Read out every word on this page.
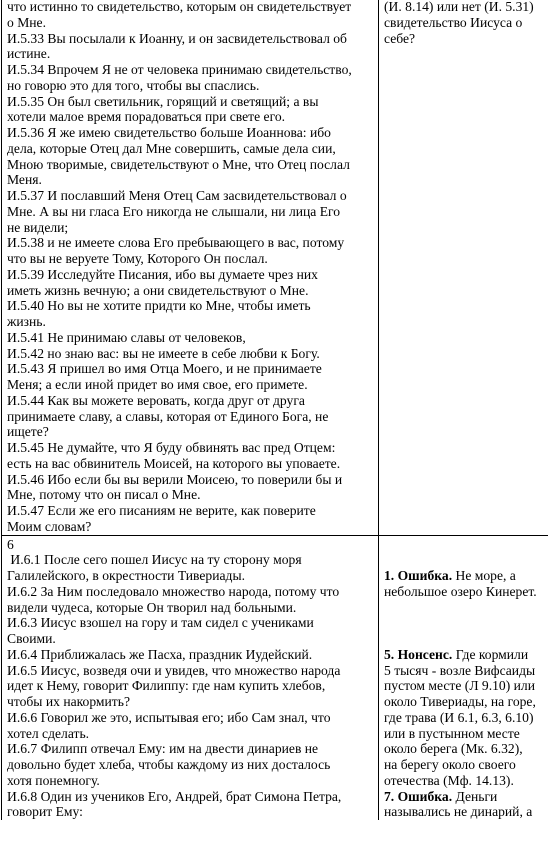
что истинно то свидетельство, которым он свидетельствует
о Мне.
И.5.33 Вы посылали к Иоанну, и он засвидетельствовал об
истине.
И.5.34 Впрочем Я не от человека принимаю свидетельство,
но говорю это для того, чтобы вы спаслись.
И.5.35 Он был светильник, горящий и светящий; а вы
хотели малое время порадоваться при свете его.
И.5.36 Я же имею свидетельство больше Иоаннова: ибо
дела, которые Отец дал Мне совершить, самые дела сии,
Мною творимые, свидетельствуют о Мне, что Отец послал
Меня.
И.5.37 И пославший Меня Отец Сам засвидетельствовал о
Мне. А вы ни гласа Его никогда не слышали, ни лица Его
не видели;
И.5.38 и не имеете слова Его пребывающего в вас, потому
что вы не веруете Тому, Которого Он послал.
И.5.39 Исследуйте Писания, ибо вы думаете чрез них
иметь жизнь вечную; а они свидетельствуют о Мне.
И.5.40 Но вы не хотите придти ко Мне, чтобы иметь
жизнь.
И.5.41 Не принимаю славы от человеков,
И.5.42 но знаю вас: вы не имеете в себе любви к Богу.
И.5.43 Я пришел во имя Отца Моего, и не принимаете
Меня; а если иной придет во имя свое, его примете.
И.5.44 Как вы можете веровать, когда друг от друга
принимаете славу, а славы, которая от Единого Бога, не
ищете?
И.5.45 Не думайте, что Я буду обвинять вас пред Отцем:
есть на вас обвинитель Моисей, на которого вы уповаете.
И.5.46 Ибо если бы вы верили Моисею, то поверили бы и
Мне, потому что он писал о Мне.
И.5.47 Если же его писаниям не верите, как поверите
Моим словам?
(И. 8.14) или нет (И. 5.31)
свидетельство Иисуса о
себе?
6
И.6.1 После сего пошел Иисус на ту сторону моря
Галилейского, в окрестности Тивериады.
И.6.2 За Ним последовало множество народа, потому что
видели чудеса, которые Он творил над больными.
И.6.3 Иисус взошел на гору и там сидел с учениками
Своими.
И.6.4 Приближалась же Пасха, праздник Иудейский.
И.6.5 Иисус, возведя очи и увидев, что множество народа
идет к Нему, говорит Филиппу: где нам купить хлебов,
чтобы их накормить?
И.6.6 Говорил же это, испытывая его; ибо Сам знал, что
хотел сделать.
И.6.7 Филипп отвечал Ему: им на двести динариев не
довольно будет хлеба, чтобы каждому из них досталось
хотя понемногу.
И.6.8 Один из учеников Его, Андрей, брат Симона Петра,
говорит Ему:
1. Ошибка. Не море, а
небольшое озеро Кинерет.
5. Нонсенс. Где кормили
5 тысяч - возле Вифсаиды
пустом месте (Л 9.10) или
около Тивериады, на горе,
где трава (И 6.1, 6.3, 6.10)
или в пустынном месте
около берега (Мк. 6.32),
на берегу около своего
отечества (Мф. 14.13).
7. Ошибка. Деньги
назывались не динарий, а
